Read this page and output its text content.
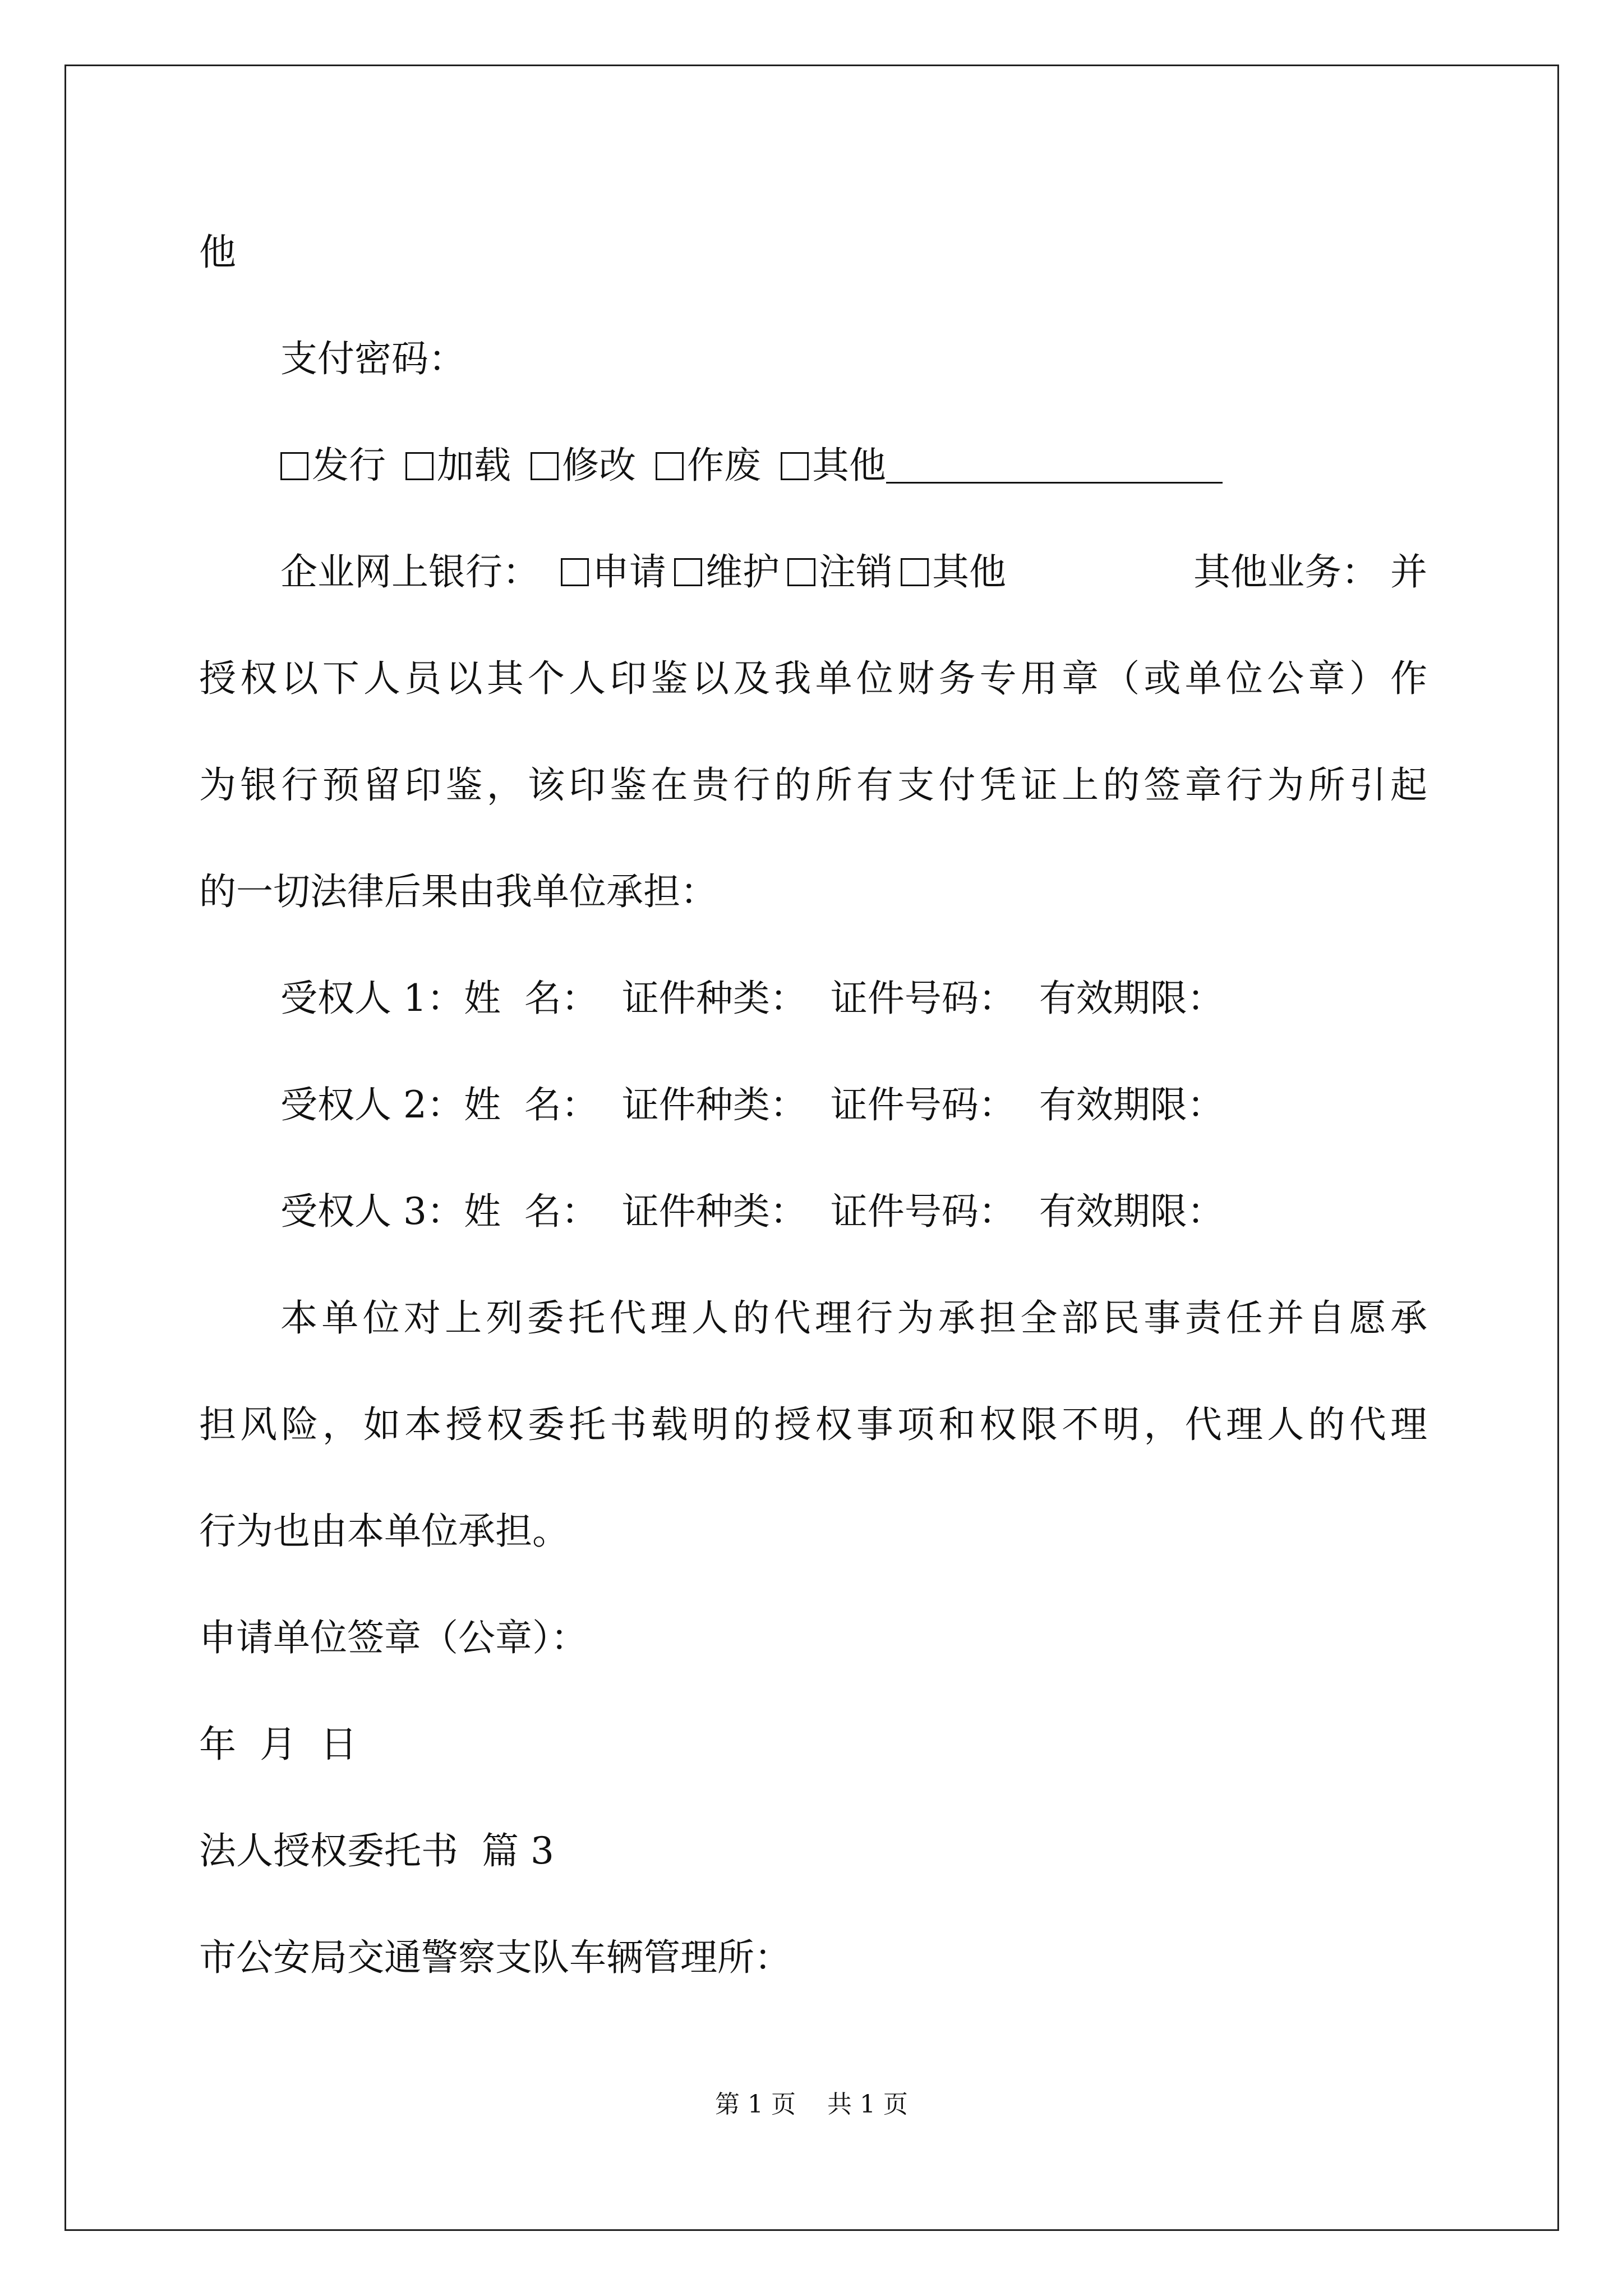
他
支付密码：
发行 加载 修改 作废 其他
企业网上银行： 申请 维护 注销 其他	其他业务： 并
授权以下人员以其个人印鉴以及我单位财务专用章（或单位公章）作
为银行预留印鉴，该印鉴在贵行的所有支付凭证上的签章行为所引起
的一切法律后果由我单位承担：
受权人 1：姓  名：  证件种类：  证件号码：  有效期限：
受权人 2：姓  名：  证件种类：  证件号码：  有效期限：
受权人 3：姓  名：  证件种类：  证件号码：  有效期限：
本单位对上列委托代理人的代理行为承担全部民事责任并自愿承
担风险，如本授权委托书载明的授权事项和权限不明，代理人的代理
行为也由本单位承担。
申请单位签章（公章）：
年  月  日
法人授权委托书  篇 3
市公安局交通警察支队车辆管理所：
第 1 页    共 1 页
